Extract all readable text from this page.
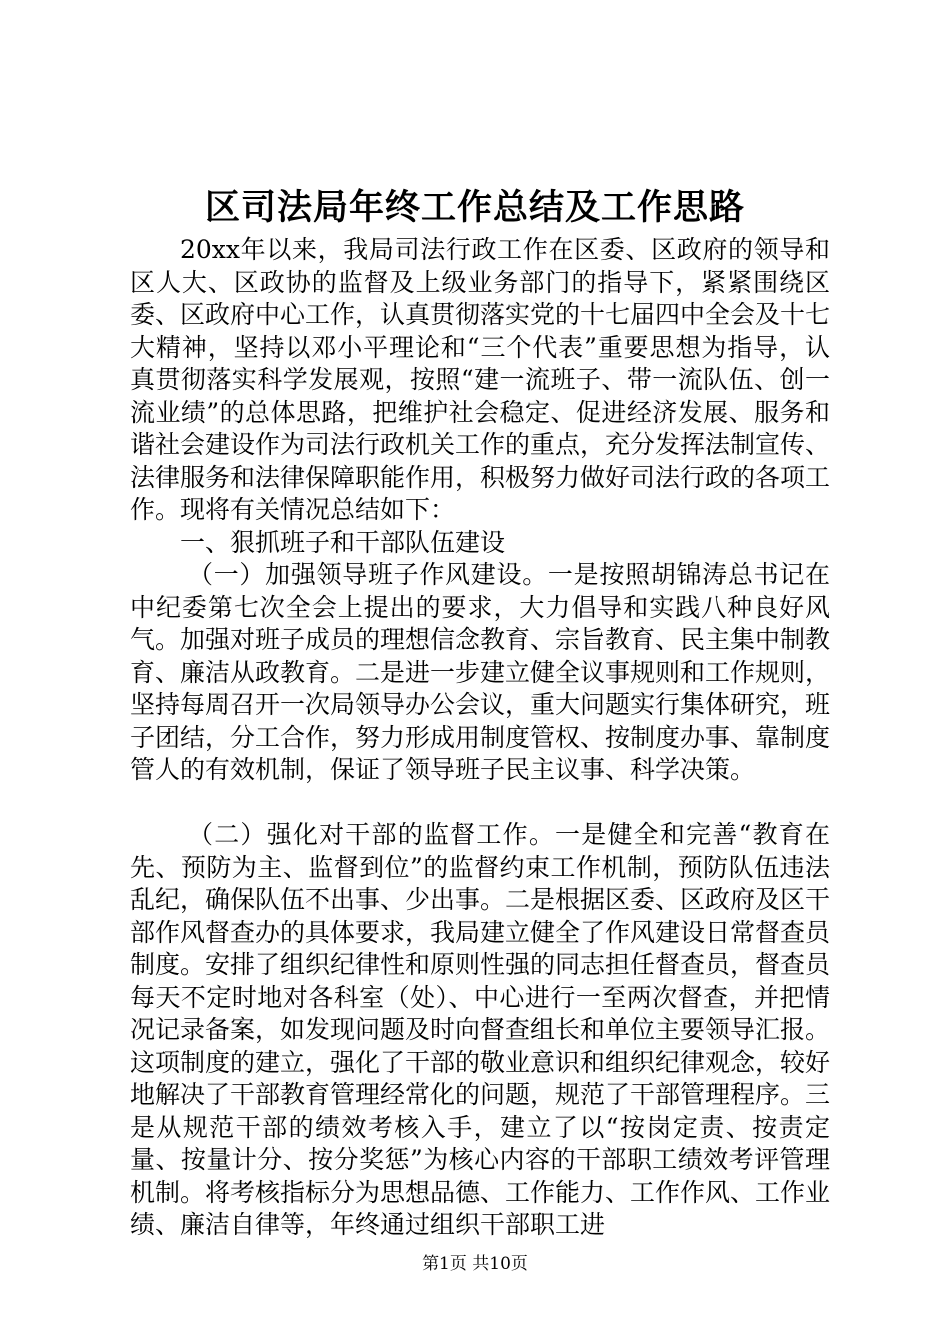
区司法局年终工作总结及工作思路

20xx年以来，我局司法行政工作在区委、区政府的领导和区人大、区政协的监督及上级业务部门的指导下，紧紧围绕区委、区政府中心工作，认真贯彻落实党的十七届四中全会及十七大精神，坚持以邓小平理论和“三个代表”重要思想为指导，认真贯彻落实科学发展观，按照“建一流班子、带一流队伍、创一流业绩”的总体思路，把维护社会稳定、促进经济发展、服务和谐社会建设作为司法行政机关工作的重点，充分发挥法制宣传、法律服务和法律保障职能作用，积极努力做好司法行政的各项工作。现将有关情况总结如下：

一、狠抓班子和干部队伍建设

（一）加强领导班子作风建设。一是按照胡锦涛总书记在中纪委第七次全会上提出的要求，大力倡导和实践八种良好风气。加强对班子成员的理想信念教育、宗旨教育、民主集中制教育、廉洁从政教育。二是进一步建立健全议事规则和工作规则，坚持每周召开一次局领导办公会议，重大问题实行集体研究，班子团结，分工合作，努力形成用制度管权、按制度办事、靠制度管人的有效机制，保证了领导班子民主议事、科学决策。

（二）强化对干部的监督工作。一是健全和完善“教育在先、预防为主、监督到位”的监督约束工作机制，预防队伍违法乱纪，确保队伍不出事、少出事。二是根据区委、区政府及区干部作风督查办的具体要求，我局建立健全了作风建设日常督查员制度。安排了组织纪律性和原则性强的同志担任督查员，督查员每天不定时地对各科室（处）、中心进行一至两次督查，并把情况记录备案，如发现问题及时向督查组长和单位主要领导汇报。这项制度的建立，强化了干部的敬业意识和组织纪律观念，较好地解决了干部教育管理经常化的问题，规范了干部管理程序。三是从规范干部的绩效考核入手，建立了以“按岗定责、按责定量、按量计分、按分奖惩”为核心内容的干部职工绩效考评管理机制。将考核指标分为思想品德、工作能力、工作作风、工作业绩、廉洁自律等，年终通过组织干部职工进

第1页 共10页
